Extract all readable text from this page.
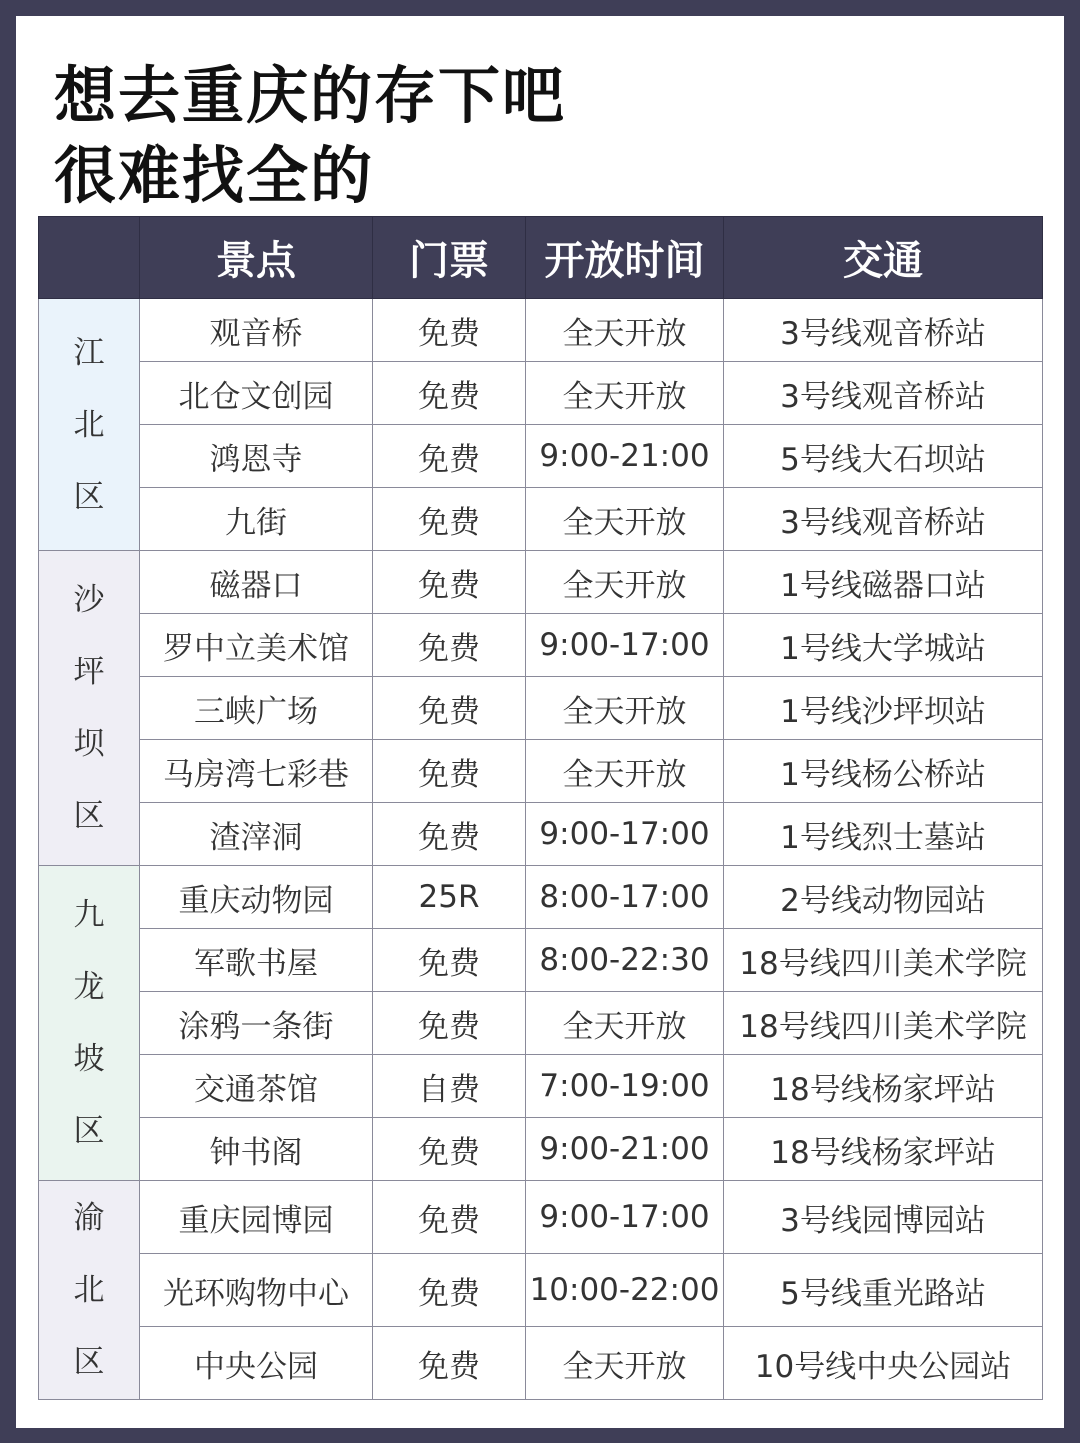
想去重庆的存下吧
很难找全的
	景点	门票	开放时间	交通

江
北
区	观音桥	免费	全天开放	3号线观音桥站
	北仓文创园	免费	全天开放	3号线观音桥站
	鸿恩寺	免费	9:00-21:00	5号线大石坝站
	九街	免费	全天开放	3号线观音桥站

沙
坪
坝
区	磁器口	免费	全天开放	1号线磁器口站
	罗中立美术馆	免费	9:00-17:00	1号线大学城站
	三峡广场	免费	全天开放	1号线沙坪坝站
	马房湾七彩巷	免费	全天开放	1号线杨公桥站
	渣滓洞	免费	9:00-17:00	1号线烈士墓站

九
龙
坡
区	重庆动物园	25R	8:00-17:00	2号线动物园站
	军歌书屋	免费	8:00-22:30	18号线四川美术学院
	涂鸦一条街	免费	全天开放	18号线四川美术学院
	交通茶馆	自费	7:00-19:00	18号线杨家坪站
	钟书阁	免费	9:00-21:00	18号线杨家坪站

渝
北
区	重庆园博园	免费	9:00-17:00	3号线园博园站
	光环购物中心	免费	10:00-22:00	5号线重光路站
	中央公园	免费	全天开放	10号线中央公园站
